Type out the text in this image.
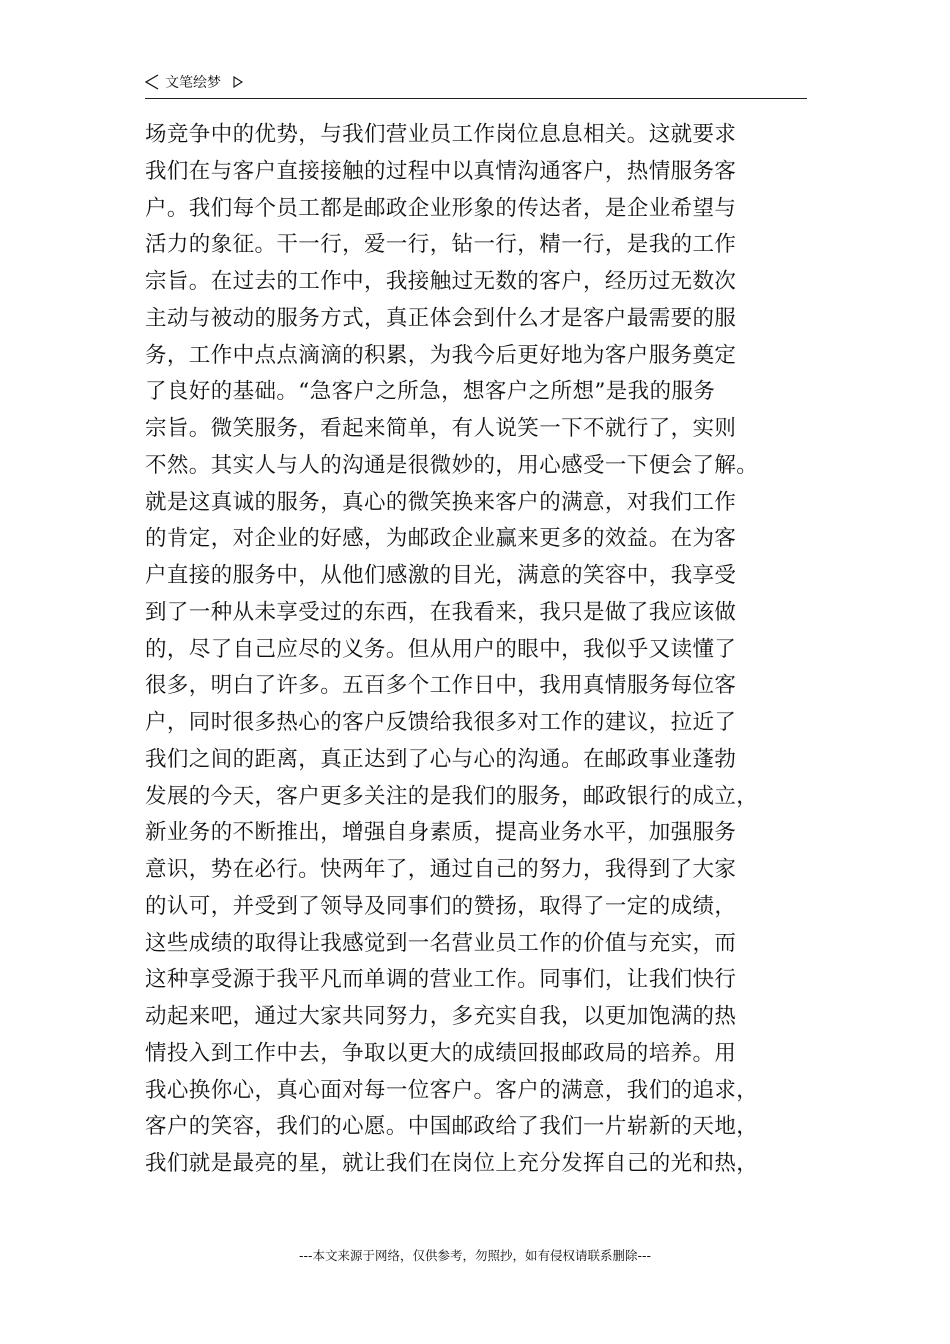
文笔绘梦
场竞争中的优势，与我们营业员工作岗位息息相关。这就要求
我们在与客户直接接触的过程中以真情沟通客户，热情服务客
户。我们每个员工都是邮政企业形象的传达者，是企业希望与
活力的象征。干一行，爱一行，钻一行，精一行，是我的工作
宗旨。在过去的工作中，我接触过无数的客户，经历过无数次
主动与被动的服务方式，真正体会到什么才是客户最需要的服
务，工作中点点滴滴的积累，为我今后更好地为客户服务奠定
了良好的基础。“急客户之所急，想客户之所想”是我的服务
宗旨。微笑服务，看起来简单，有人说笑一下不就行了，实则
不然。其实人与人的沟通是很微妙的，用心感受一下便会了解。
就是这真诚的服务，真心的微笑换来客户的满意，对我们工作
的肯定，对企业的好感，为邮政企业赢来更多的效益。在为客
户直接的服务中，从他们感激的目光，满意的笑容中，我享受
到了一种从未享受过的东西，在我看来，我只是做了我应该做
的，尽了自己应尽的义务。但从用户的眼中，我似乎又读懂了
很多，明白了许多。五百多个工作日中，我用真情服务每位客
户，同时很多热心的客户反馈给我很多对工作的建议，拉近了
我们之间的距离，真正达到了心与心的沟通。在邮政事业蓬勃
发展的今天，客户更多关注的是我们的服务，邮政银行的成立，
新业务的不断推出，增强自身素质，提高业务水平，加强服务
意识，势在必行。快两年了，通过自己的努力，我得到了大家
的认可，并受到了领导及同事们的赞扬，取得了一定的成绩，
这些成绩的取得让我感觉到一名营业员工作的价值与充实，而
这种享受源于我平凡而单调的营业工作。同事们，让我们快行
动起来吧，通过大家共同努力，多充实自我，以更加饱满的热
情投入到工作中去，争取以更大的成绩回报邮政局的培养。用
我心换你心，真心面对每一位客户。客户的满意，我们的追求，
客户的笑容，我们的心愿。中国邮政给了我们一片崭新的天地，
我们就是最亮的星，就让我们在岗位上充分发挥自己的光和热，
---本文来源于网络，仅供参考，勿照抄，如有侵权请联系删除---
